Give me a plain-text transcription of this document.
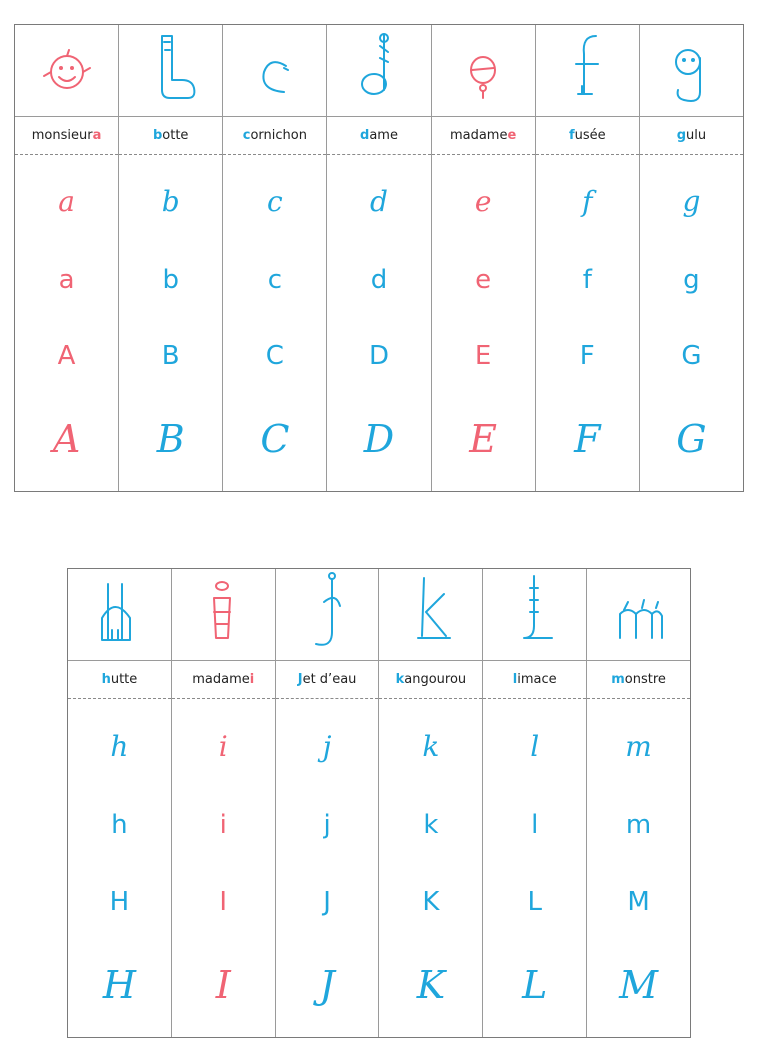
monsieur a
a
a
A
A
b otte
b
b
B
B
c ornichon
c
c
C
C
d ame
d
d
D
D
madame e
e
e
E
E
f usée
f
f
F
F
g ulu
g
g
G
G
h utte
h
h
H
H
madame i
i
i
I
I
J et d’eau
j
j
J
J
k angourou
k
k
K
K
l imace
l
l
L
L
m onstre
m
m
M
M
